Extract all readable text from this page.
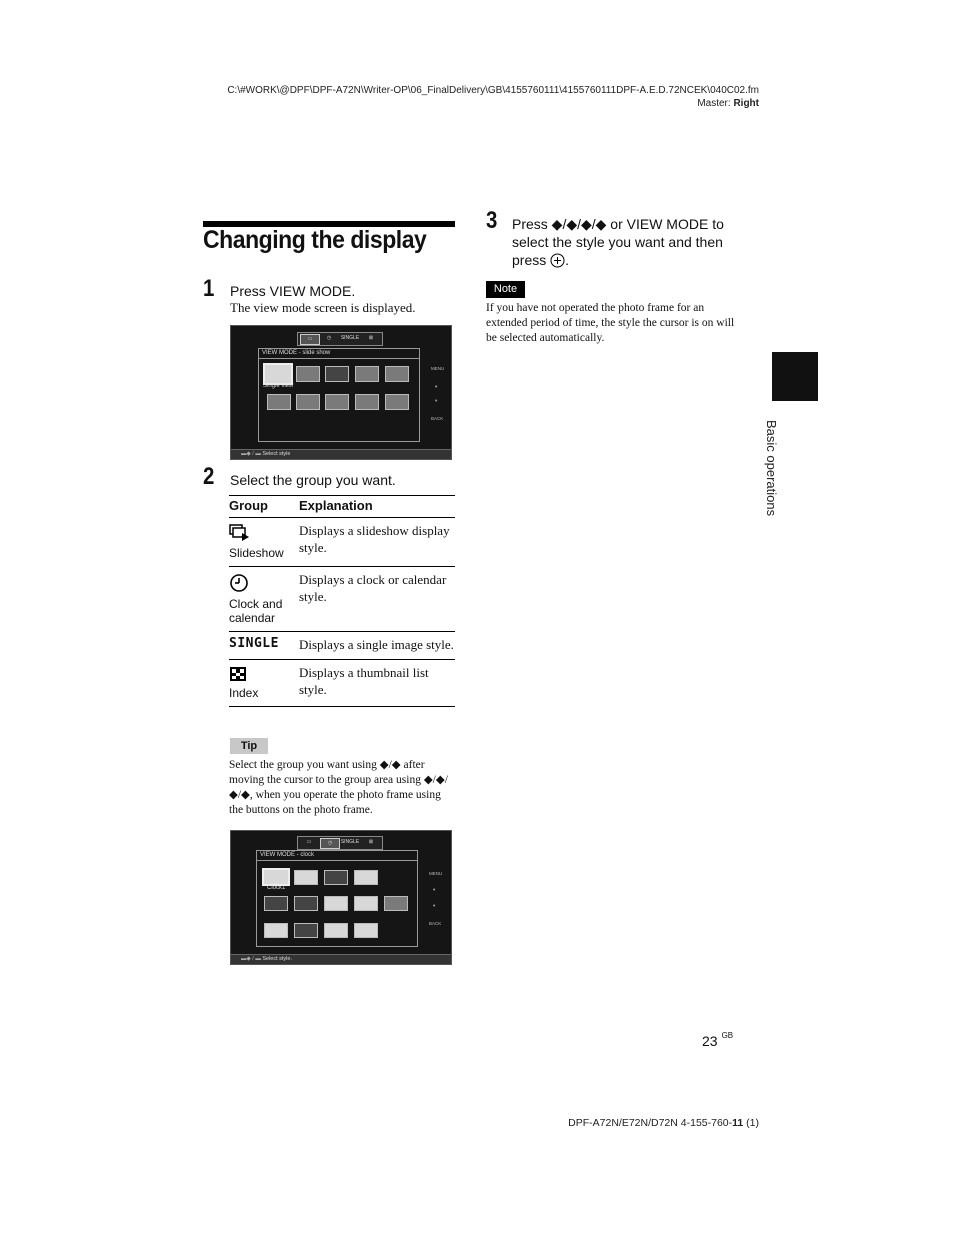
C:\#WORK\@DPF\DPF-A72N\Writer-OP\06_FinalDelivery\GB\4155760111\4155760111DPF-A.E.D.72NCEK\040C02.fm
Master: Right
Changing the display
1 Press VIEW MODE.
The view mode screen is displayed.
▭	◷	SINGLE	⊠
VIEW MODE - slide show
Single view
MENU
▾
▾
BACK
▬◆ / ▬ Select style
2 Select the group you want.
Group	Explanation

Slideshow	Displays a slideshow display style.

Clock and calendar	Displays a clock or calendar style.
SINGLE	Displays a single image style.

Index	Displays a thumbnail list style.
Tip
Select the group you want using ◆/◆ after
moving the cursor to the group area using ◆/◆/
◆/◆, when you operate the photo frame using
the buttons on the photo frame.
▭	◷	SINGLE	⊠
VIEW MODE - clock
Clock1
MENU
▾
▾
BACK
▬◆ / ▬ Select style.
3 Press ◆/◆/◆/◆ or VIEW MODE to
select the style you want and then
press .
Note
If you have not operated the photo frame for an
extended period of time, the style the cursor is on will
be selected automatically.
Basic operations
23 $^{GB}$
DPF-A72N/E72N/D72N 4-155-760-11 (1)
